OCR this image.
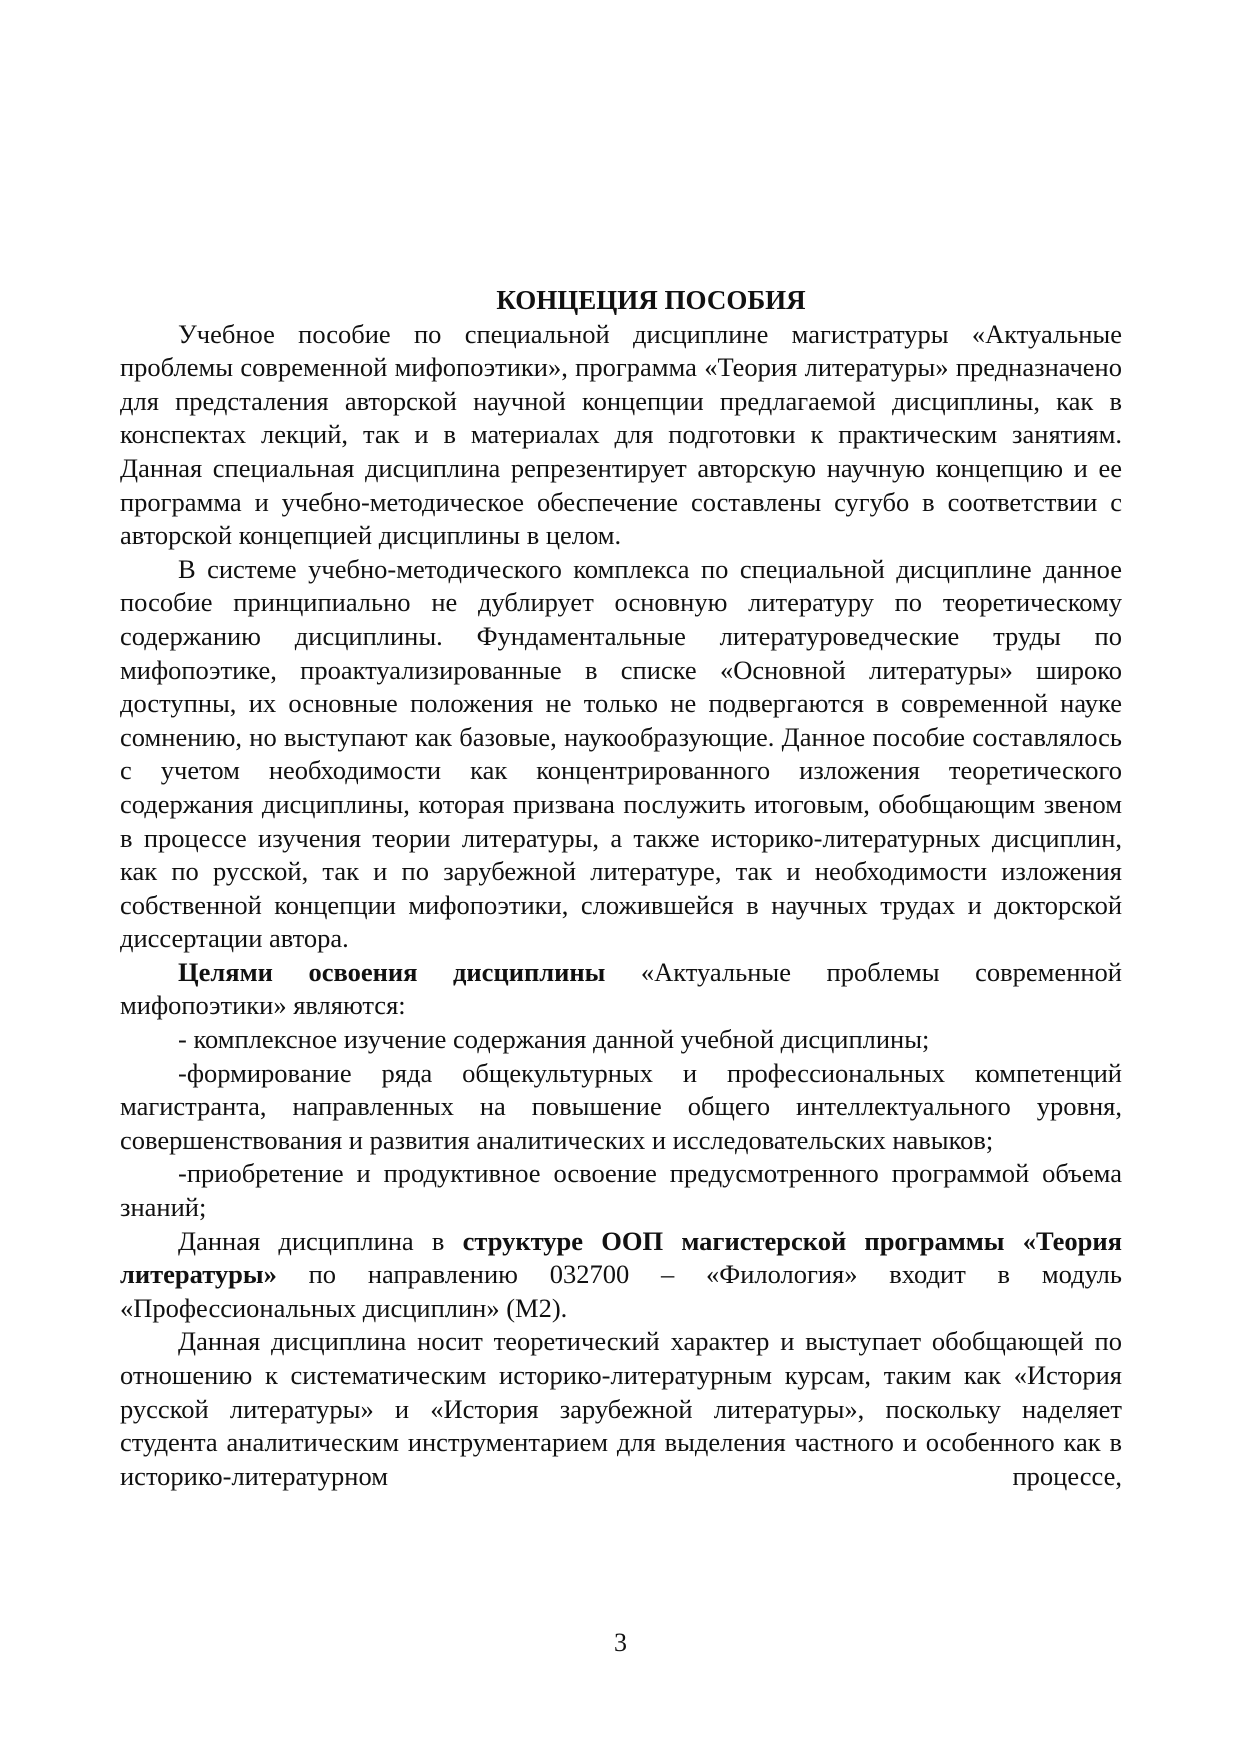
КОНЦЕЦИЯ ПОСОБИЯ

Учебное пособие по специальной дисциплине магистратуры «Актуальные проблемы современной мифопоэтики», программа «Теория литературы» предназначено для предсталения авторской научной концепции предлагаемой дисциплины, как в конспектах лекций, так и в материалах для подготовки к практическим занятиям. Данная специальная дисциплина репрезентирует авторскую научную концепцию и ее программа и учебно-методическое обеспечение составлены сугубо в соответствии с авторской концепцией дисциплины в целом.

В системе учебно-методического комплекса по специальной дисциплине данное пособие принципиально не дублирует основную литературу по теоретическому содержанию дисциплины. Фундаментальные литературоведческие труды по мифопоэтике, проактуализированные в списке «Основной литературы» широко доступны, их основные положения не только не подвергаются в современной науке сомнению, но выступают как базовые, наукообразующие. Данное пособие составлялось с учетом необходимости как концентрированного изложения теоретического содержания дисциплины, которая призвана послужить итоговым, обобщающим звеном в процессе изучения теории литературы, а также историко-литературных дисциплин, как по русской, так и по зарубежной литературе, так и необходимости изложения собственной концепции мифопоэтики, сложившейся в научных трудах и докторской диссертации автора.

Целями освоения дисциплины «Актуальные проблемы современной мифопоэтики» являются:

- комплексное изучение содержания данной учебной дисциплины;

-формирование ряда общекультурных и профессиональных компетенций магистранта, направленных на повышение общего интеллектуального уровня, совершенствования и развития аналитических и исследовательских навыков;

-приобретение и продуктивное освоение предусмотренного программой объема знаний;

Данная дисциплина в структуре ООП магистерской программы «Теория литературы» по направлению 032700 – «Филология» входит в модуль «Профессиональных дисциплин» (М2).

Данная дисциплина носит теоретический характер и выступает обобщающей по отношению к систематическим историко-литературным курсам, таким как «История русской литературы» и «История зарубежной литературы», поскольку наделяет студента аналитическим инструментарием для выделения частного и особенного как в историко-литературном процессе,

3
